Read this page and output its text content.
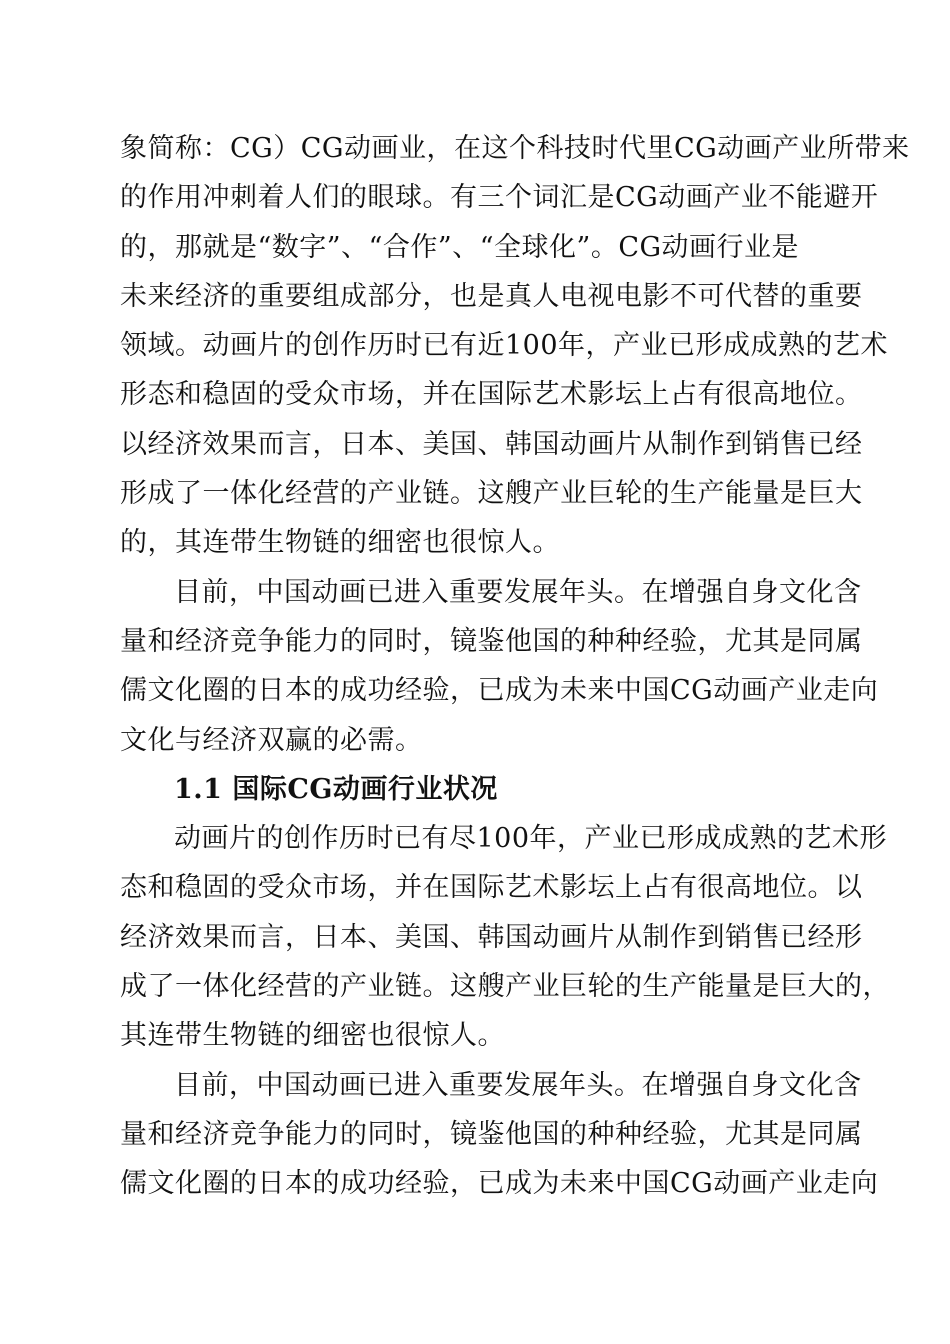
象简称：CG）CG动画业，在这个科技时代里CG动画产业所带来
的作用冲刺着人们的眼球。有三个词汇是CG动画产业不能避开
的，那就是“数字”、“合作”、“全球化”。CG动画行业是
未来经济的重要组成部分，也是真人电视电影不可代替的重要
领域。动画片的创作历时已有近100年，产业已形成成熟的艺术
形态和稳固的受众市场，并在国际艺术影坛上占有很高地位。
以经济效果而言，日本、美国、韩国动画片从制作到销售已经
形成了一体化经营的产业链。这艘产业巨轮的生产能量是巨大
的，其连带生物链的细密也很惊人。
目前，中国动画已进入重要发展年头。在增强自身文化含
量和经济竞争能力的同时，镜鉴他国的种种经验，尤其是同属
儒文化圈的日本的成功经验，已成为未来中国CG动画产业走向
文化与经济双赢的必需。
1.1 国际CG动画行业状况
动画片的创作历时已有尽100年，产业已形成成熟的艺术形
态和稳固的受众市场，并在国际艺术影坛上占有很高地位。以
经济效果而言，日本、美国、韩国动画片从制作到销售已经形
成了一体化经营的产业链。这艘产业巨轮的生产能量是巨大的，
其连带生物链的细密也很惊人。
目前，中国动画已进入重要发展年头。在增强自身文化含
量和经济竞争能力的同时，镜鉴他国的种种经验，尤其是同属
儒文化圈的日本的成功经验，已成为未来中国CG动画产业走向
